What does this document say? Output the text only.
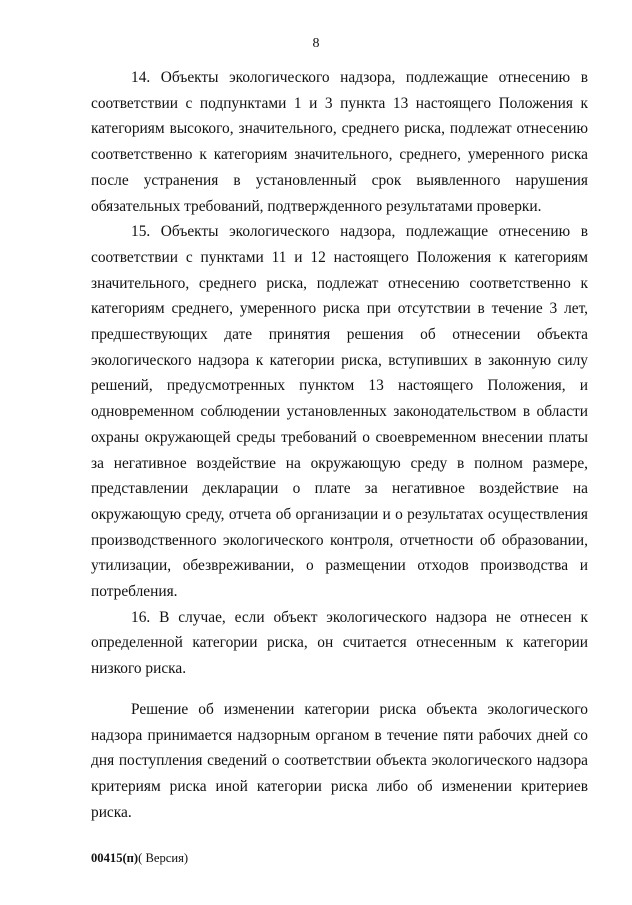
8

14. Объекты экологического надзора, подлежащие отнесению в соответствии с подпунктами 1 и 3 пункта 13 настоящего Положения к категориям высокого, значительного, среднего риска, подлежат отнесению соответственно к категориям значительного, среднего, умеренного риска после устранения в установленный срок выявленного нарушения обязательных требований, подтвержденного результатами проверки.

15. Объекты экологического надзора, подлежащие отнесению в соответствии с пунктами 11 и 12 настоящего Положения к категориям значительного, среднего риска, подлежат отнесению соответственно к категориям среднего, умеренного риска при отсутствии в течение 3 лет, предшествующих дате принятия решения об отнесении объекта экологического надзора к категории риска, вступивших в законную силу решений, предусмотренных пунктом 13 настоящего Положения, и одновременном соблюдении установленных законодательством в области охраны окружающей среды требований о своевременном внесении платы за негативное воздействие на окружающую среду в полном размере, представлении декларации о плате за негативное воздействие на окружающую среду, отчета об организации и о результатах осуществления производственного экологического контроля, отчетности об образовании, утилизации, обезвреживании, о размещении отходов производства и потребления.

16. В случае, если объект экологического надзора не отнесен к определенной категории риска, он считается отнесенным к категории низкого риска.

Решение об изменении категории риска объекта экологического надзора принимается надзорным органом в течение пяти рабочих дней со дня поступления сведений о соответствии объекта экологического надзора критериям риска иной категории риска либо об изменении критериев риска.

00415(п)( Версия)
